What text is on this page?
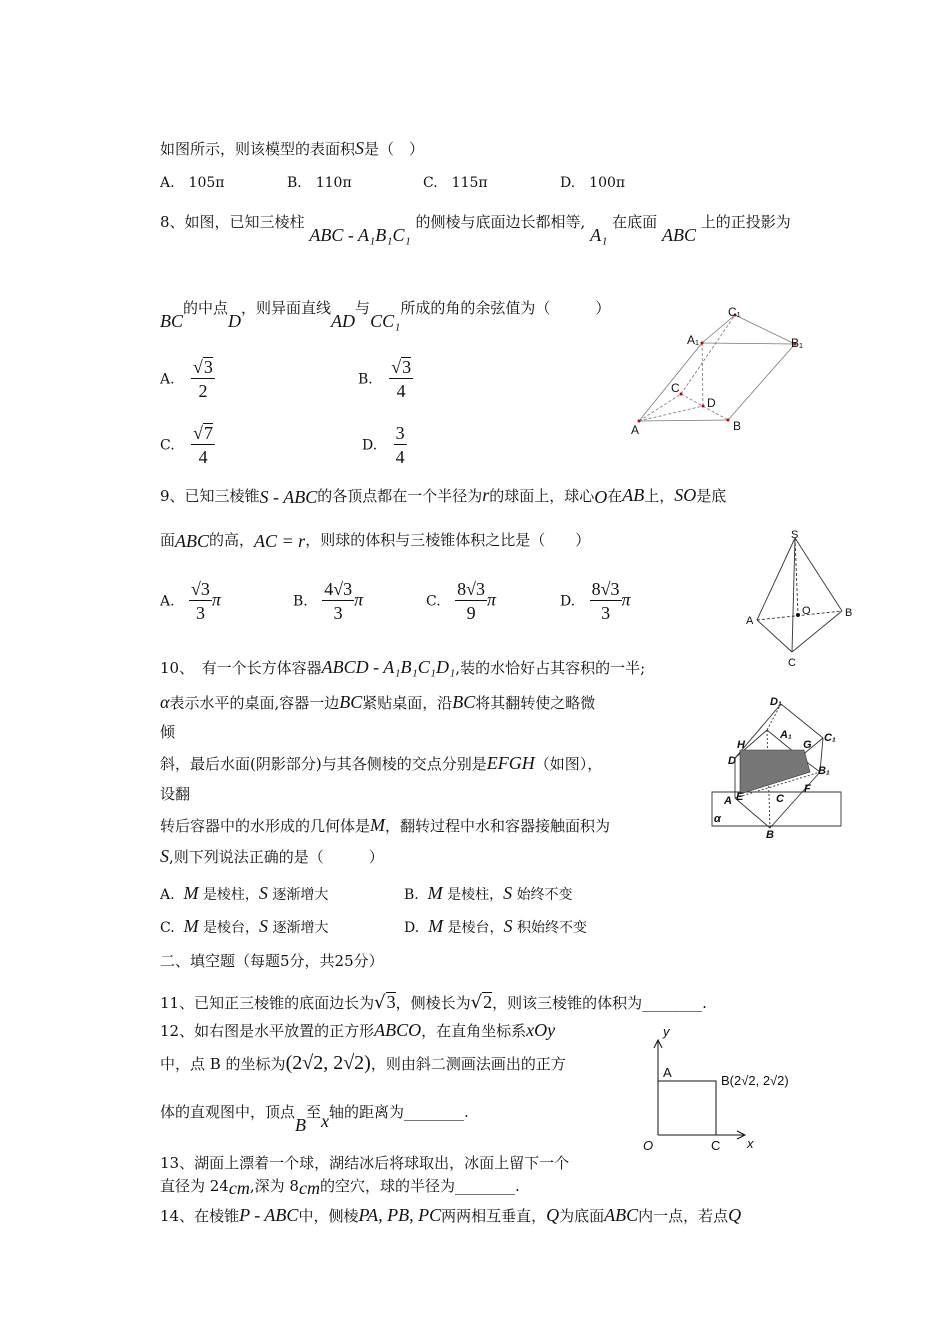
如图所示，则该模型的表面积S是（　）
A.　105π	B.　110π	C.　115π	D.　100π
8、如图，已知三棱柱 ABC - A₁B₁C₁ 的侧棱与底面边长都相等, A₁ 在底面 ABC 上的正投影为
BC的中点D，则异面直线AD与CC₁所成的角的余弦值为（　　　）
A. $\frac{√3}{2}$	B. $\frac{√3}{4}$
C. $\frac{√7}{4}$	D. $\frac{3}{4}$
C₁
A₁	B₁
C
D
A	B
9、已知三棱锥S - ABC的各顶点都在一个半径为r的球面上，球心O在AB上，SO是底
面ABC的高，AC = r，则球的体积与三棱锥体积之比是（　　）
A. $\frac{√3}{3}$ π	B. $\frac{4√3}{3}$ π	C. $\frac{8√3}{9}$ π	D. $\frac{8√3}{3}$ π
S
A
O	B
C
10、　有一个长方体容器ABCD - A₁B₁C₁D₁,装的水恰好占其容积的一半;
α表示水平的桌面,容器一边BC紧贴桌面，沿BC将其翻转使之略微
倾
斜，最后水面(阴影部分)与其各侧棱的交点分别是EFGH（如图），
设翻
转后容器中的水形成的几何体是M，翻转过程中水和容器接触面积为
S,则下列说法正确的是（　　　）
A. M 是棱柱，S 逐渐增大	B. M 是棱柱，S 始终不变
C. M 是棱台，S 逐渐增大	D. M 是棱台，S 积始终不变
D₁
A₁
H	G
C₁
D
B₁
A E	C
F
α
B
二、填空题（每题5分，共25分）
11、已知正三棱锥的底面边长为√3，侧棱长为√2，则该三棱锥的体积为________.
12、如右图是水平放置的正方形ABCO，在直角坐标系xOy
中，点 B 的坐标为(2√2, 2√2)，则由斜二测画法画出的正方
体的直观图中，顶点B至x轴的距离为________.
y
A
B(2√2, 2√2)
O	C x
13、湖面上漂着一个球，湖结冰后将球取出，冰面上留下一个
直径为 24cm,深为 8cm的空穴，球的半径为________.
14、在棱锥P - ABC中，侧棱PA, PB, PC两两相互垂直，Q为底面ABC内一点，若点Q
